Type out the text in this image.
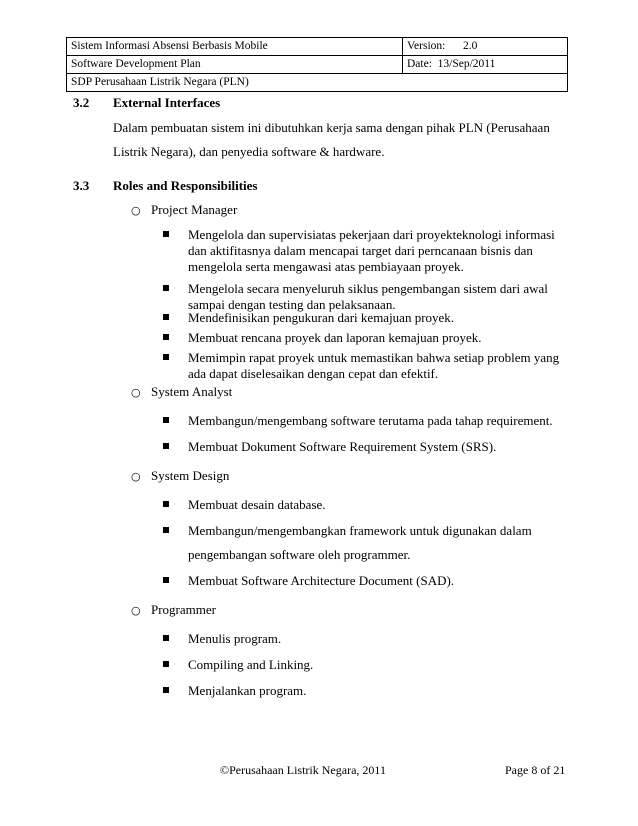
Sistem Informasi Absensi Berbasis Mobile	Version: 2.0
Software Development Plan	Date: 13/Sep/2011
SDP Perusahaan Listrik Negara (PLN)	
3.2 External Interfaces
Dalam pembuatan sistem ini dibutuhkan kerja sama dengan pihak PLN (Perusahaan
Listrik Negara), dan penyedia software & hardware.
3.3 Roles and Responsibilities
○ Project Manager
Mengelola dan supervisiatas pekerjaan dari proyekteknologi informasi dan aktifitasnya dalam mencapai target dari perncanaan bisnis dan mengelola serta mengawasi atas pembiayaan proyek.
Mengelola secara menyeluruh siklus pengembangan sistem dari awal sampai dengan testing dan pelaksanaan.
Mendefinisikan pengukuran dari kemajuan proyek.
Membuat rencana proyek dan laporan kemajuan proyek.
Memimpin rapat proyek untuk memastikan bahwa setiap problem yang ada dapat diselesaikan dengan cepat dan efektif.
○ System Analyst
Membangun/mengembang software terutama pada tahap requirement.
Membuat Dokument Software Requirement System (SRS).
○ System Design
Membuat desain database.
Membangun/mengembangkan framework untuk digunakan dalam
pengembangan software oleh programmer.
Membuat Software Architecture Document (SAD).
○ Programmer
Menulis program.
Compiling and Linking.
Menjalankan program.
©Perusahaan Listrik Negara, 2011	Page 8 of 21
